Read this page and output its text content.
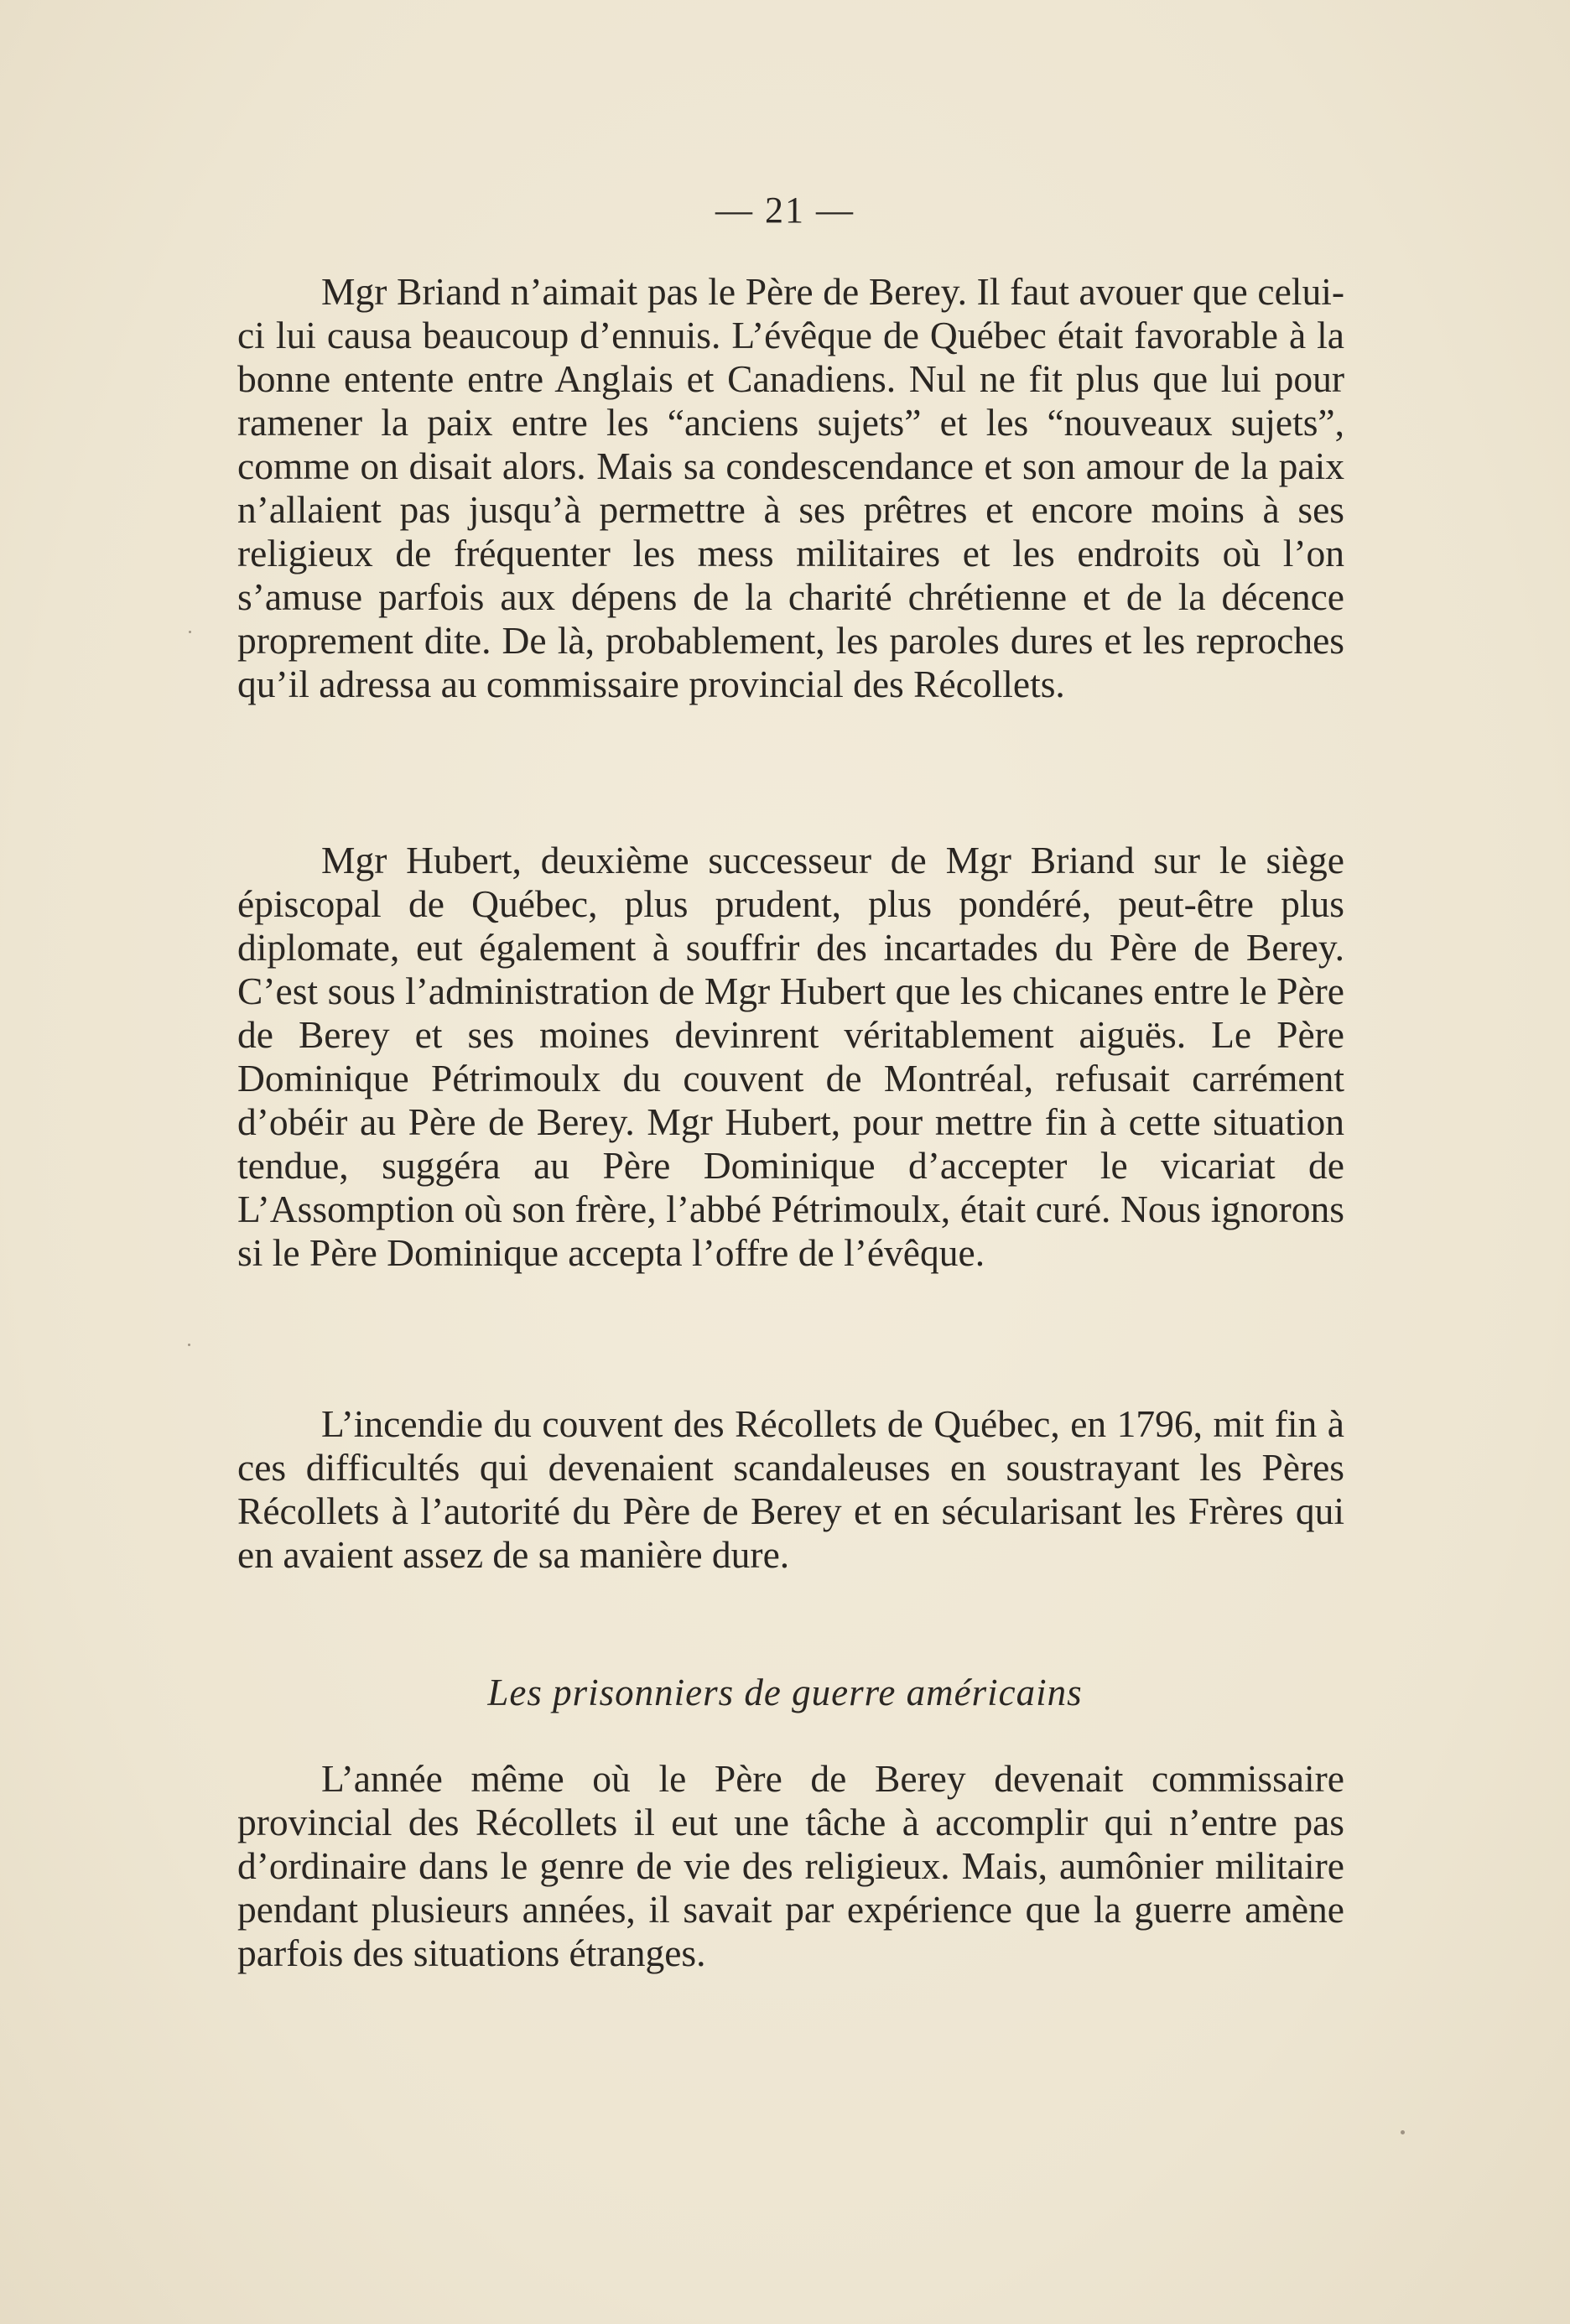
— 21 —

Mgr Briand n’aimait pas le Père de Berey. Il faut avouer que celui-ci lui causa beaucoup d’ennuis. L’évêque de Québec était favorable à la bonne entente entre Anglais et Canadiens. Nul ne fit plus que lui pour ramener la paix entre les “anciens sujets” et les “nouveaux sujets”, comme on disait alors. Mais sa condescendance et son amour de la paix n’allaient pas jusqu’à permettre à ses prêtres et encore moins à ses religieux de fréquenter les mess militaires et les endroits où l’on s’amuse parfois aux dépens de la charité chrétienne et de la décence proprement dite. De là, probablement, les paroles dures et les reproches qu’il adressa au commissaire provincial des Récollets.

Mgr Hubert, deuxième successeur de Mgr Briand sur le siège épiscopal de Québec, plus prudent, plus pondéré, peut-être plus diplomate, eut également à souffrir des incartades du Père de Berey. C’est sous l’administration de Mgr Hubert que les chicanes entre le Père de Berey et ses moines devinrent véritablement aiguës. Le Père Dominique Pétrimoulx du couvent de Montréal, refusait carrément d’obéir au Père de Berey. Mgr Hubert, pour mettre fin à cette situation tendue, suggéra au Père Dominique d’accepter le vicariat de L’Assomption où son frère, l’abbé Pétrimoulx, était curé. Nous ignorons si le Père Dominique accepta l’offre de l’évêque.

L’incendie du couvent des Récollets de Québec, en 1796, mit fin à ces difficultés qui devenaient scandaleuses en soustrayant les Pères Récollets à l’autorité du Père de Berey et en sécularisant les Frères qui en avaient assez de sa manière dure.

Les prisonniers de guerre américains

L’année même où le Père de Berey devenait commissaire provincial des Récollets il eut une tâche à accomplir qui n’entre pas d’ordinaire dans le genre de vie des religieux. Mais, aumônier militaire pendant plusieurs années, il savait par expérience que la guerre amène parfois des situations étranges.
